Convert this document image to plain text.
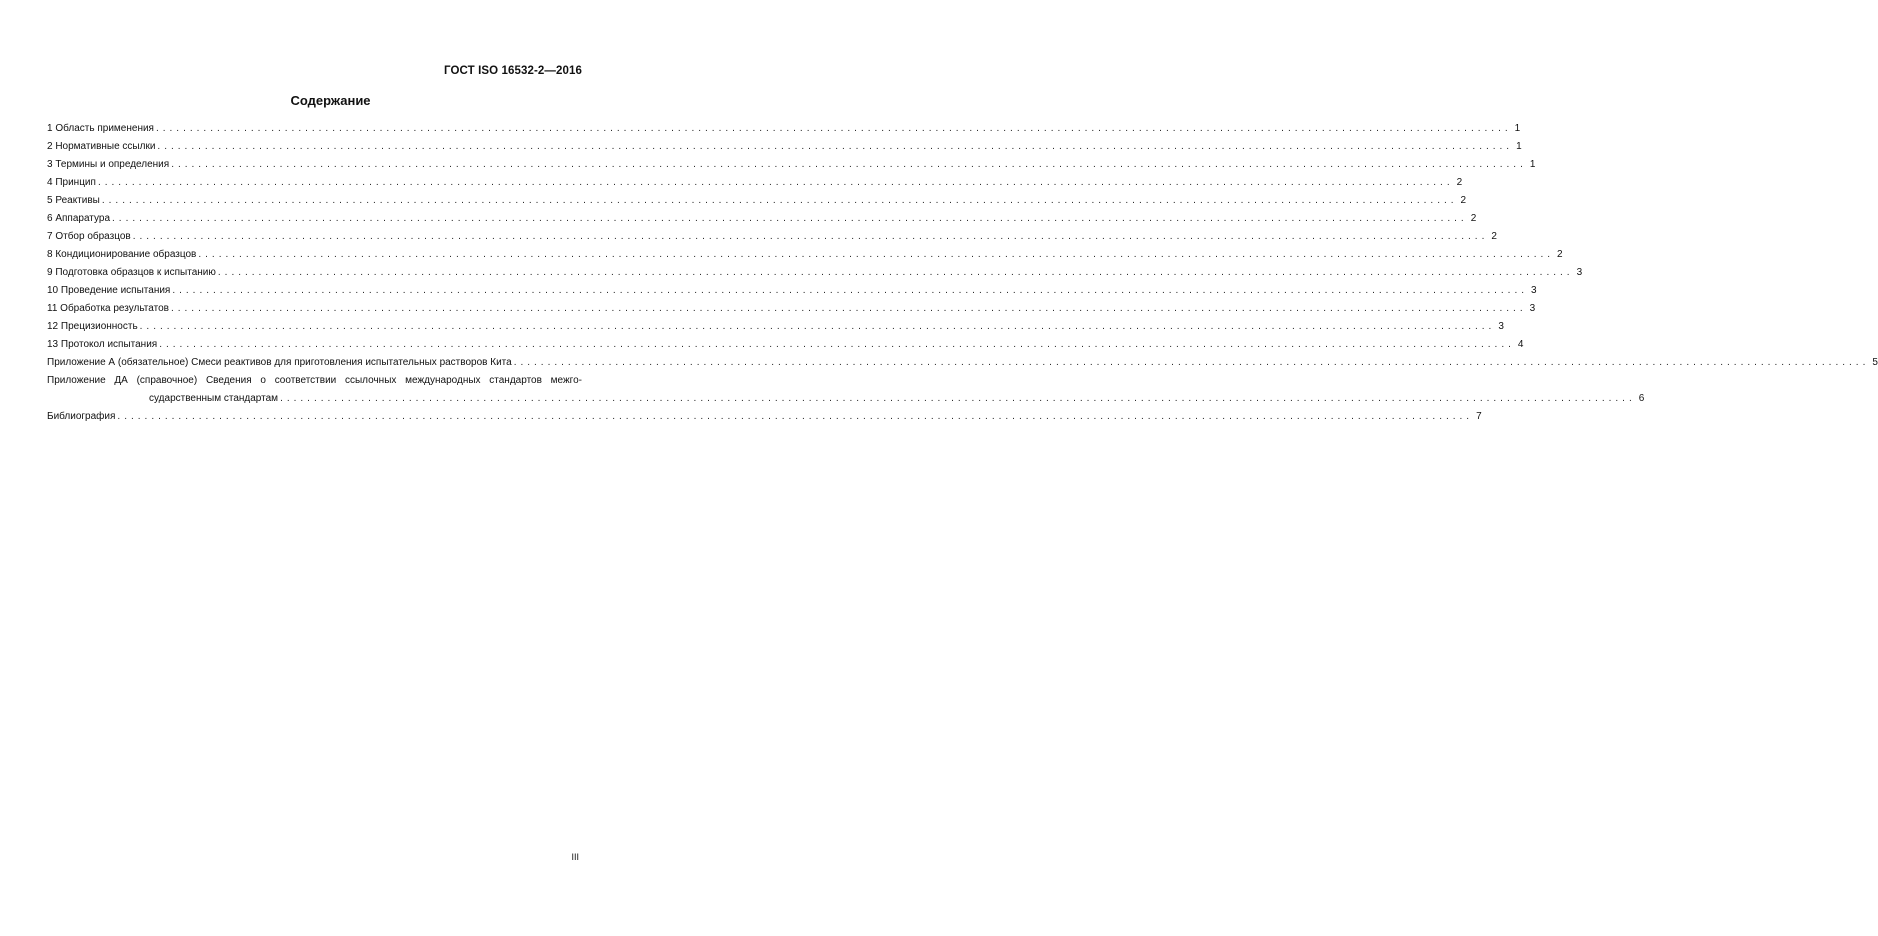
ГОСТ ISO 16532-2—2016
Содержание
1 Область применения ........................................................................................................................................................................................................ 1
2 Нормативные ссылки ........................................................................................................................................................................................................ 1
3 Термины и определения ........................................................................................................................................................................................................ 1
4 Принцип ........................................................................................................................................................................................................ 2
5 Реактивы ........................................................................................................................................................................................................ 2
6 Аппаратура ........................................................................................................................................................................................................ 2
7 Отбор образцов ........................................................................................................................................................................................................ 2
8 Кондиционирование образцов ........................................................................................................................................................................................................ 2
9 Подготовка образцов к испытанию ........................................................................................................................................................................................................ 3
10 Проведение испытания ........................................................................................................................................................................................................ 3
11 Обработка результатов ........................................................................................................................................................................................................ 3
12 Прецизионность ........................................................................................................................................................................................................ 3
13 Протокол испытания ........................................................................................................................................................................................................ 4
Приложение А (обязательное) Смеси реактивов для приготовления испытательных растворов Кита ........................................................................................................................................................................................................ 5
Приложение ДА (справочное) Сведения о соответствии ссылочных международных стандартов межго-
сударственным стандартам ........................................................................................................................................................................................................ 6
Библиография ........................................................................................................................................................................................................ 7
III
